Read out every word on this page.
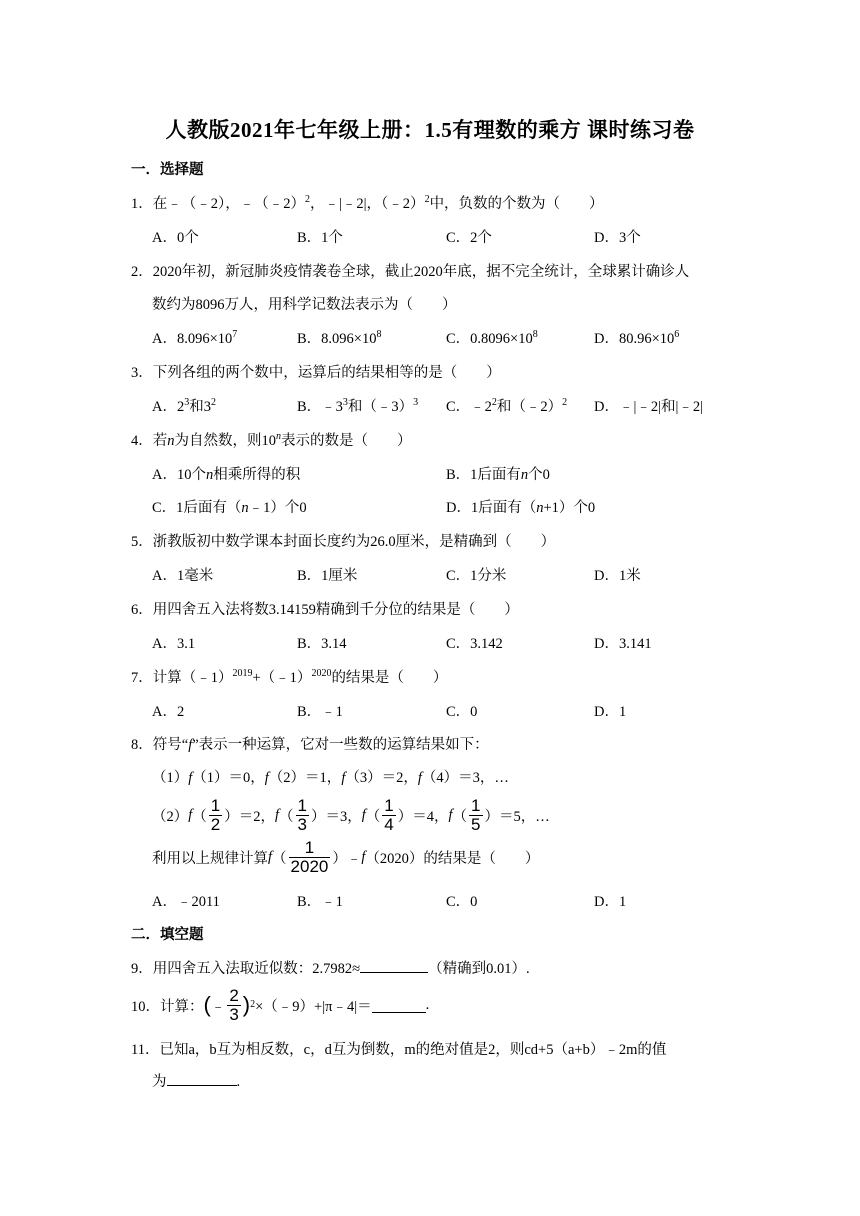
人教版2021年七年级上册：1.5有理数的乘方 课时练习卷
一．选择题
1．在﹣（﹣2），﹣（﹣2）$^2$，﹣|﹣2|，（﹣2）$^2$中，负数的个数为（　　）
A．0个	B．1个	C．2个	D．3个
2．2020年初，新冠肺炎疫情袭卷全球，截止2020年底，据不完全统计，全球累计确诊人
数约为8096万人，用科学记数法表示为（　　）
A．$8.096\times 10^7$	B．$8.096\times 10^8$	C．$0.8096\times 10^8$	D．$80.96\times 10^6$
3．下列各组的两个数中，运算后的结果相等的是（　　）
A．$2^3$和$3^2$	B．$﹣3^3$和（﹣3）$^3$ C．$﹣2^2$和（﹣2）$^2$ D．﹣|﹣2|和|﹣2|
4．若n为自然数，则10$^n$表示的数是（　　）
A．10个n相乘所得的积	B．1后面有n个0
C．1后面有（n﹣1）个0	D．1后面有（n+1）个0
5．浙教版初中数学课本封面长度约为26.0厘米，是精确到（　　）
A．1毫米	B．1厘米	C．1分米	D．1米
6．用四舍五入法将数3.14159精确到千分位的结果是（　　）
A．3.1	B．3.14	C．3.142	D．3.141
7．计算（﹣1）$^{2019}$+（﹣1）$^{2020}$的结果是（　　）
A．2	B．﹣1	C．0	D．1
8．符号“f”表示一种运算，它对一些数的运算结果如下：
（1）f（1）＝0，f（2）＝1，f（3）＝2，f（4）＝3，…
（2） f （ $\frac{1}{2}$ ） ＝2， f （ $\frac{1}{3}$ ） ＝3， f （ $\frac{1}{4}$ ） ＝4， f （ $\frac{1}{5}$ ） ＝5，…
利用以上规律计算 f （ $\frac{1}{2020}$ ） ﹣ f （2020）的结果是（　　）
A．﹣2011	B．﹣1	C．0	D．1
二．填空题
9．用四舍五入法取近似数：2.7982≈	（精确到0.01）.
10． 计算： ( ﹣ $\frac{2}{3}$ ) 2 ×（﹣9）+|π﹣4|＝	.
11．已知a，b互为相反数，c，d互为倒数，m的绝对值是2，则cd+5（a+b）﹣2m的值
为	.
